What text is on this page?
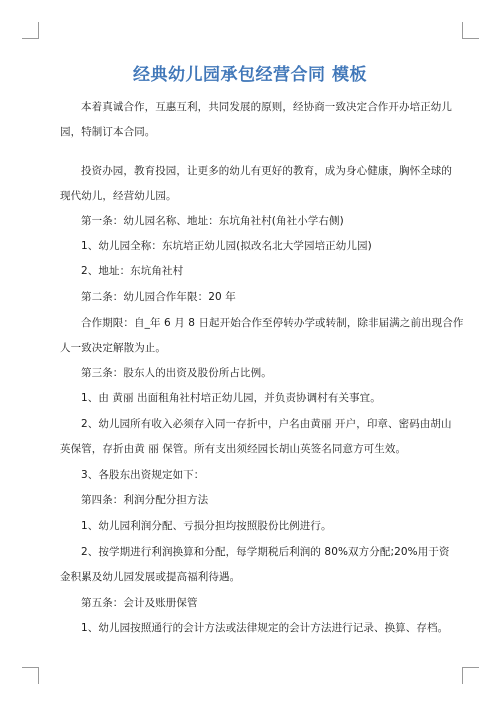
经典幼儿园承包经营合同 模板
本着真诚合作，互惠互利，共同发展的原则，经协商一致决定合作开办培正幼儿
园，特制订本合同。
投资办园，教育投园，让更多的幼儿有更好的教育，成为身心健康，胸怀全球的
现代幼儿，经营幼儿园。
第一条：幼儿园名称、地址：东坑角社村(角社小学右侧)
1、幼儿园全称：东坑培正幼儿园(拟改名北大学园培正幼儿园)
2、地址：东坑角社村
第二条：幼儿园合作年限：20 年
合作期限：自_年 6 月 8 日起开始合作至停转办学或转制，除非届满之前出现合作
人一致决定解散为止。
第三条：股东人的出资及股份所占比例。
1、由 黄丽 出面租角社村培正幼儿园，并负责协调村有关事宜。
2、幼儿园所有收入必须存入同一存折中，户名由黄丽 开户，印章、密码由胡山
英保管，存折由黄 丽 保管。所有支出须经园长胡山英签名同意方可生效。
3、各股东出资规定如下：
第四条：利润分配分担方法
1、幼儿园利润分配、亏损分担均按照股份比例进行。
2、按学期进行利润换算和分配，每学期税后利润的 80%双方分配;20%用于资
金积累及幼儿园发展或提高福利待遇。
第五条：会计及账册保管
1、幼儿园按照通行的会计方法或法律规定的会计方法进行记录、换算、存档。
